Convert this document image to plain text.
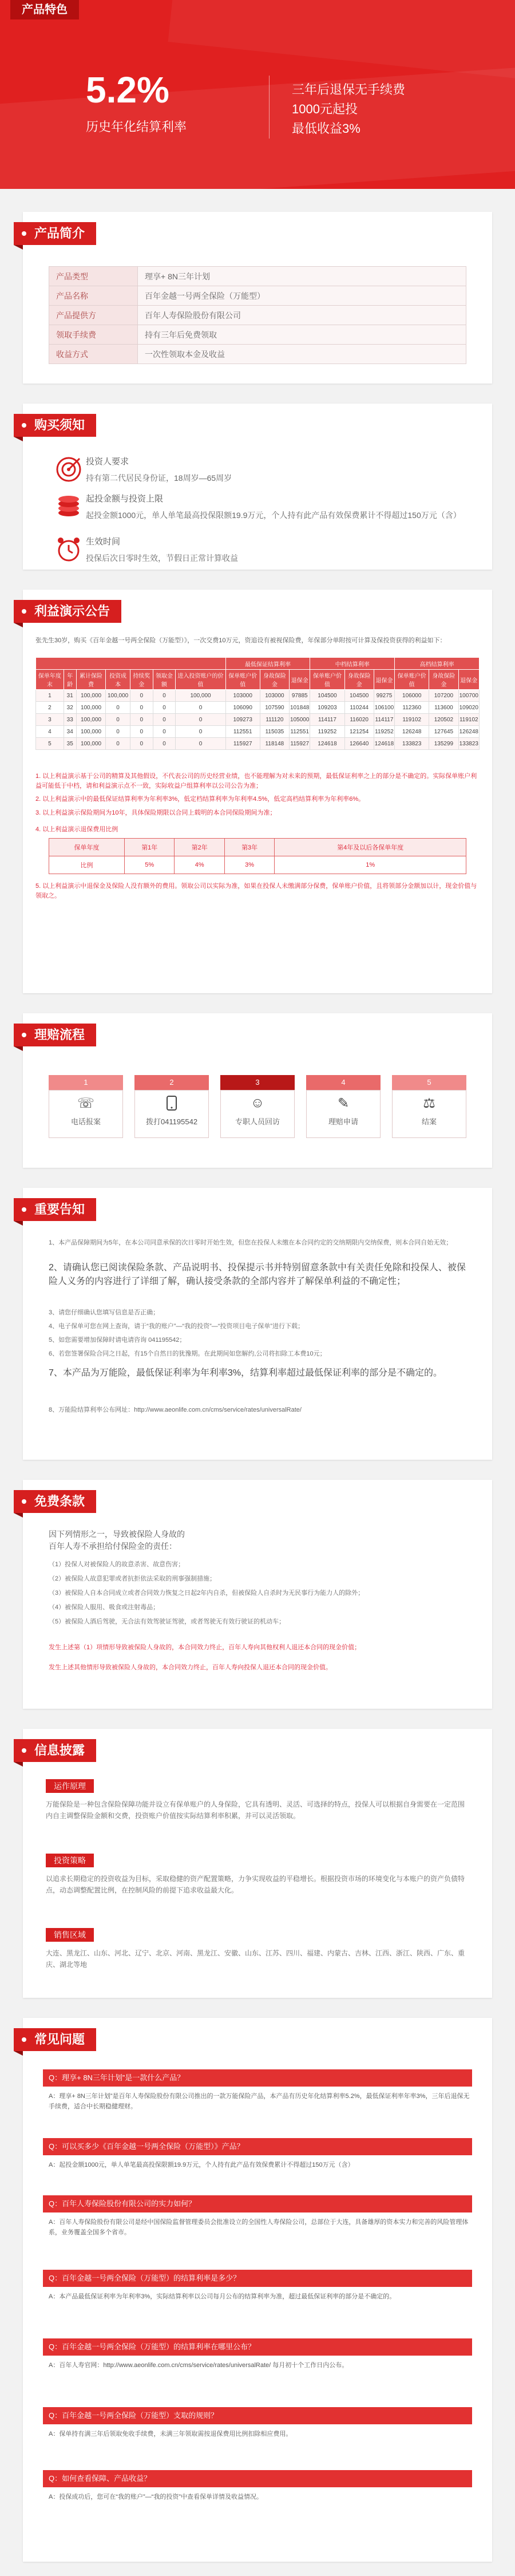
产品特色
5.2%
历史年化结算利率
三年后退保无手续费
1000元起投
最低收益3%
产品简介
产品类型	理享+ 8N三年计划
产品名称	百年金越一号两全保险（万能型）
产品提供方	百年人寿保险股份有限公司
领取手续费	持有三年后免费领取
收益方式	一次性领取本金及收益
购买须知
投资人要求
持有第二代居民身份证，18周岁—65周岁
起投金额与投资上限
起投金额1000元，单人单笔最高投保限额19.9万元，个人持有此产品有效保费累计不得超过150万元（含）
生效时间
投保后次日零时生效，节假日正常计算收益
利益演示公告
张先生30岁，购买《百年金越一号两全保险（万能型）》，一次交费10万元，资追设有被视保险费，年保部分单附按可计算及保投资获得的利益如下：
							最低保证结算利率			中档结算利率			高档结算利率		
保单年度末	年龄	累计保险费	投资成本	持续奖金	领取金额	进入投资账户的价值	保单账户价值	身故保险金	退保金	保单账户价值	身故保险金	退保金	保单账户价值	身故保险金	退保金
1	31	100,000	100,000	0	0	100,000	103000	103000	97885	104500	104500	99275	106000	107200	100700
2	32	100,000	0	0	0	0	106090	107590	101848	109203	110244	106100	112360	113600	109020
3	33	100,000	0	0	0	0	109273	111120	105000	114117	116020	114117	119102	120502	119102
4	34	100,000	0	0	0	0	112551	115035	112551	119252	121254	119252	126248	127645	126248
5	35	100,000	0	0	0	0	115927	118148	115927	124618	126640	124618	133823	135299	133823
1. 以上利益演示基于公司的精算及其他假设，不代表公司的历史经营业绩，也不能理解为对未来的预期，最低保证利率之上的部分是不确定的。实际保单账户利益可能低于中档，请和利益演示点不一致，实际收益户组算利率以公司公告为准；
2. 以上利益演示中的最低保证结算利率为年利率3%，低定档结算利率为年利率4.5%，低定高档结算利率为年利率6%。
3. 以上利益演示保险期间为10年，具体保险期限以合同上载明的本合同保险期间为准；
4. 以上利益演示退保费用比例
保单年度	第1年	第2年	第3年	第4年及以后各保单年度
比例	5%	4%	3%	1%
5. 以上利益演示中退保金及保险人没有额外的费用。领取公司以实际为准，如果在投保人未缴满部分保费，保单账户价值，且将领部分金额加以计，现金价值与领取之。
理赔流程
1
☏
电话报案
2
拨打041195542
3
☺
专职人员回访
4
✎
理赔申请
5
⚖
结案
重要告知
1、本产品保障期间为5年，在本公司同意承保的次日零时开始生效，但您在投保人未缴在本合同约定的交纳期限内交纳保费，则本合同自始无效；
2、请确认您已阅读保险条款、产品说明书、投保提示书并特别留意条款中有关责任免除和投保人、被保险人义务的内容进行了详细了解，确认接受条款的全部内容并了解保单利益的不确定性；
3、请您仔细确认您填写信息是否正确；
4、电子保单可您在网上查询，请于“我的账户”—“我的投资”—“投资项目电子保单”进行下载；
5、如您需要增加保障时请电请咨询 041195542；
6、若您签署保险合同之日起，有15个自然日的犹豫期。在此期间如您解约,公司将扣除工本费10元；
7、本产品为万能险，最低保证利率为年利率3%，结算利率超过最低保证利率的部分是不确定的。
8、万能险结算利率公布网址：http://www.aeonlife.com.cn/cms/service/rates/universalRate/
免费条款
因下列情形之一，导致被保险人身故的
百年人寿不承担给付保险金的责任：
（1）投保人对被保险人的故意杀害、故意伤害；
（2）被保险人故意犯罪或者抗拒依法采取的刑事强制措施；
（3）被保险人自本合同成立或者合同效力恢复之日起2年内自杀，但被保险人自杀时为无民事行为能力人的除外；
（4）被保险人服用、吸食或注射毒品；
（5）被保险人酒后驾驶，无合法有效驾驶证驾驶，或者驾驶无有效行驶证的机动车；
发生上述第（1）项情形导致被保险人身故的，本合同效力终止，百年人寿向其他权利人退还本合同的现金价值；
发生上述其他情形导致被保险人身故的，本合同效力终止，百年人寿向投保人退还本合同的现金价值。
信息披露
运作原理
万能保险是一种包含保险保障功能并设立有保单账户的人身保险，它具有透明、灵活、可选择的特点，投保人可以根据自身需要在一定范围内自主调整保险金额和交费，投资账户价值按实际结算利率积累，并可以灵活领取。
投资策略
以追求长期稳定的投资收益为目标，采取稳健的资产配置策略，力争实现收益的平稳增长。根据投资市场的环境变化与本账户的资产负债特点，动态调整配置比例，在控制风险的前提下追求收益最大化。
销售区域
大连、黑龙江、山东、河北、辽宁、北京、河南、黑龙江、安徽、山东、江苏、四川、福建、内蒙古、吉林、江西、浙江、陕西、广东、重庆、湖北等地
常见问题
Q：理享+ 8N三年计划”是一款什么产品？
A：理享+ 8N三年计划”是百年人寿保险股份有限公司推出的一款万能保险产品，本产品有历史年化结算利率5.2%，最低保证利率年率3%，三年后退保无手续费，适合中长期稳健理财。
Q：可以买多少《百年金越一号两全保险（万能型）》产品？
A：起投金额1000元，单人单笔最高投保限额19.9万元，个人持有此产品有效保费累计不得超过150万元（含）
Q：百年人寿保险股份有限公司的实力如何？
A：百年人寿保险股份有限公司是经中国保险监督管理委员会批准设立的全国性人寿保险公司，总部位于大连，具备雄厚的资本实力和完善的风险管理体系，业务覆盖全国多个省市。
Q：百年金越一号两全保险（万能型）的结算利率是多少？
A：本产品最低保证利率为年利率3%，实际结算利率以公司每月公布的结算利率为准，超过最低保证利率的部分是不确定的。
Q：百年金越一号两全保险（万能型）的结算利率在哪里公布？
A：百年人寿官网：http://www.aeonlife.com.cn/cms/service/rates/universalRate/ 每月初十个工作日内公布。
Q：百年金越一号两全保险（万能型）支取的规则？
A：保单持有满三年后领取免收手续费，未满三年领取需按退保费用比例扣除相应费用。
Q：如何查看保障、产品收益？
A：投保成功后，您可在“我的账户”—“我的投资”中查看保单详情及收益情况。
